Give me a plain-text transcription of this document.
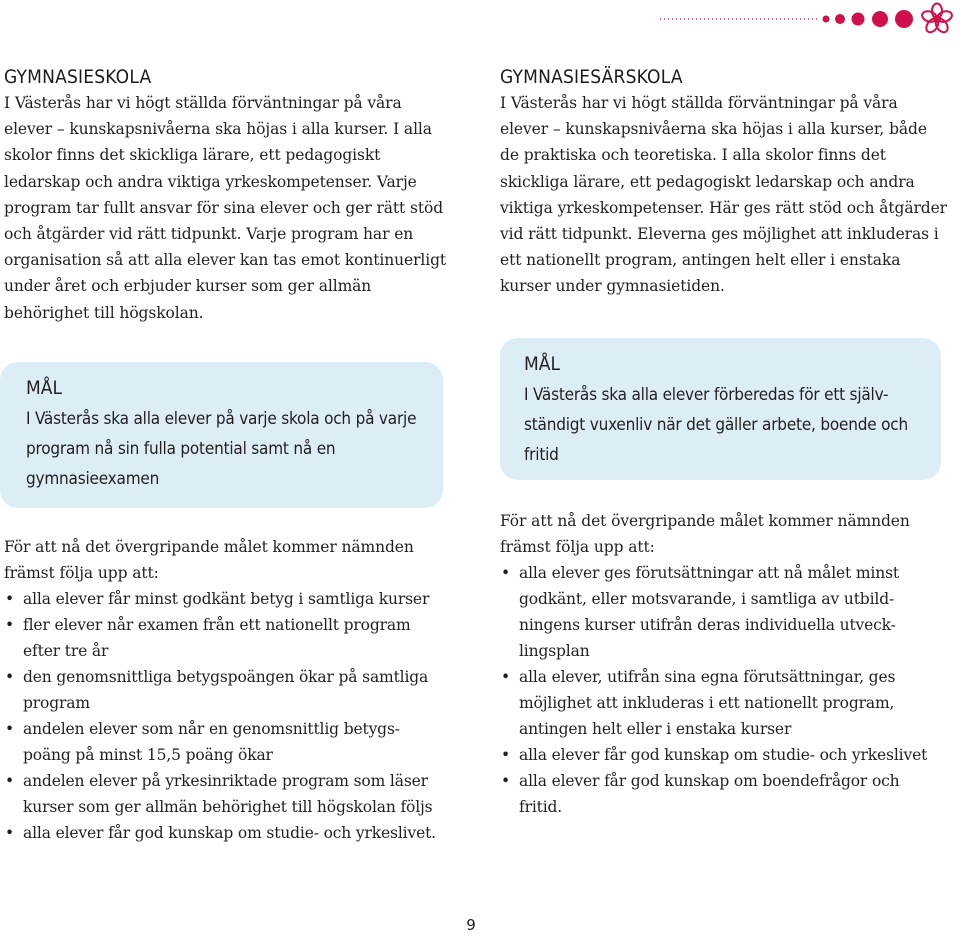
GYMNASIESKOLA

I Västerås har vi högt ställda förväntningar på våra elever – kunskapsnivåerna ska höjas i alla kurser. I alla skolor finns det skickliga lärare, ett pedagogiskt ledarskap och andra viktiga yrkeskompetenser. Varje program tar fullt ansvar för sina elever och ger rätt stöd och åtgärder vid rätt tidpunkt. Varje program har en organisation så att alla elever kan tas emot kontinuerligt under året och erbjuder kurser som ger allmän behörighet till högskolan.

MÅL

I Västerås ska alla elever på varje skola och på varje program nå sin fulla potential samt nå en gymnasieexamen

För att nå det övergripande målet kommer nämnden främst följa upp att:

• alla elever får minst godkänt betyg i samtliga kurser
• fler elever når examen från ett nationellt program efter tre år
• den genomsnittliga betygspoängen ökar på samtliga program
• andelen elever som når en genomsnittlig betygs-poäng på minst 15,5 poäng ökar
• andelen elever på yrkesinriktade program som läser kurser som ger allmän behörighet till högskolan följs
• alla elever får god kunskap om studie- och yrkeslivet.
GYMNASIESÄRSKOLA

I Västerås har vi högt ställda förväntningar på våra elever – kunskapsnivåerna ska höjas i alla kurser, både de praktiska och teoretiska. I alla skolor finns det skickliga lärare, ett pedagogiskt ledarskap och andra viktiga yrkeskompetenser. Här ges rätt stöd och åtgärder vid rätt tidpunkt. Eleverna ges möjlighet att inkluderas i ett nationellt program, antingen helt eller i enstaka kurser under gymnasietiden.

MÅL

I Västerås ska alla elever förberedas för ett själv-ständigt vuxenliv när det gäller arbete, boende och fritid

För att nå det övergripande målet kommer nämnden främst följa upp att:

• alla elever ges förutsättningar att nå målet minst godkänt, eller motsvarande, i samtliga av utbild-ningens kurser utifrån deras individuella utveck-lingsplan
• alla elever, utifrån sina egna förutsättningar, ges möjlighet att inkluderas i ett nationellt program, antingen helt eller i enstaka kurser
• alla elever får god kunskap om studie- och yrkeslivet
• alla elever får god kunskap om boendefrågor och fritid.
9
